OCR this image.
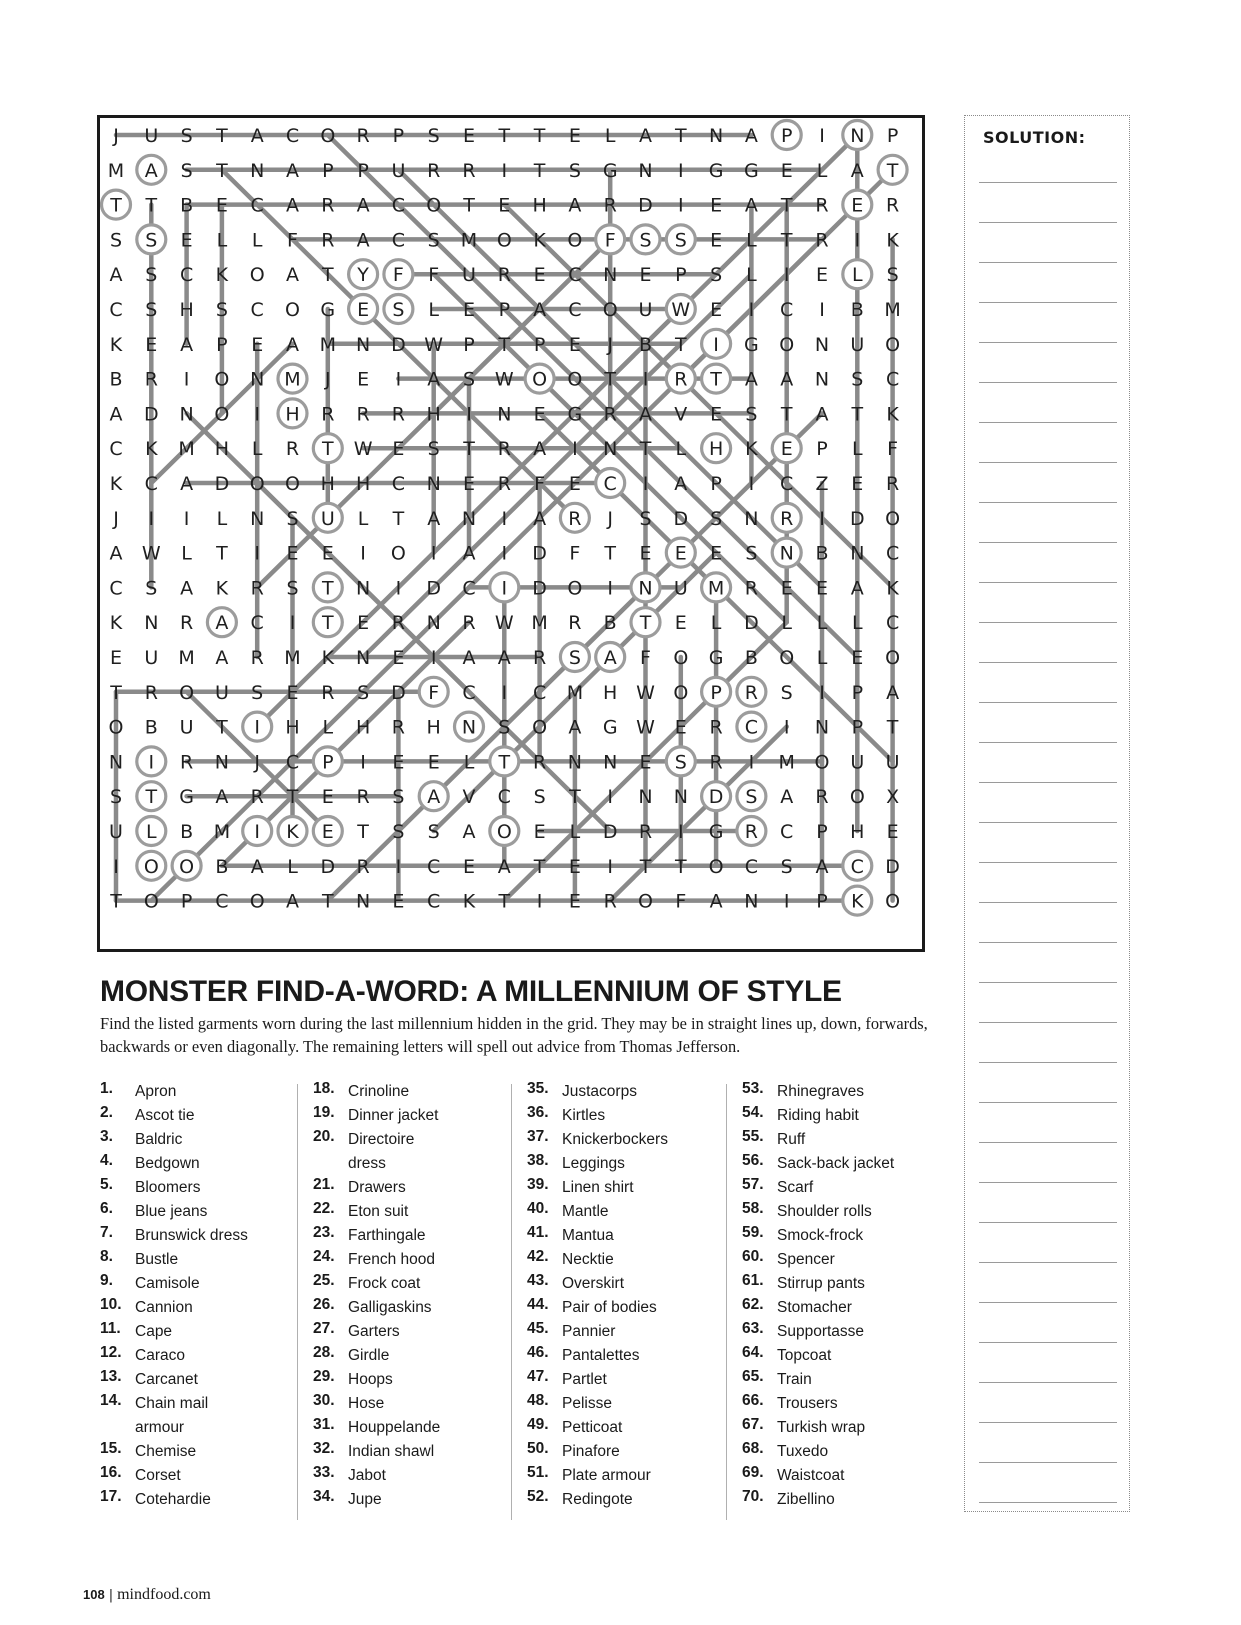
J U S T A C O R P S E T T E L A T N A P I N P
M A S T N A P P U R R I T S G N I G G E L A T
T T B E C A R A C O T E H A R D I E A T R E R
S S E L L F R A C S M O K O F S S E L T R I K
A S C K O A T Y F F U R E C N E P S L I E L S
C S H S C O G E S L E P A C O U W E I C I B M
K E A P E A M N D W P T P E J B T I G O N U O
B R I O N M J E I A S W O O T I R T A A N S C
A D N O I H R R R H I N E G R A V E S T A T K
C K M H L R T W E S T R A I N T L H K E P L F
K C A D O O H H C N E R F E C I A P I C Z E R
J I I L N S U L T A N I A R J S D S N R I D O
A W L T I E E I O I A I D F T E E E S N B N C
C S A K R S T N I D C I D O I N U M R E E A K
K N R A C I T E R N R W M R B T E L D L L L C
E U M A R M K N E I A A R S A F O G B O L E O
T R O U S E R S D F C I C M H W O P R S I P A
O B U T I H L H R H N S O A G W E R C I N P T
N I R N J C P I E E L T R N N E S R I M O U U
S T G A R T E R S A V C S T I N N D S A R O X
U L B M I K E T S S A O E L D R I G R C P H E
I O O B A L D R I C E A T E I T T O C S A C D
T O P C O A T N E C K T I E R O F A N I P K O
SOLUTION:
MONSTER FIND-A-WORD: A MILLENNIUM OF STYLE

Find the listed garments worn during the last millennium hidden in the grid. They may be in straight lines up, down, forwards, backwards or even diagonally. The remaining letters will spell out advice from Thomas Jefferson.

1.	Apron
2.	Ascot tie
3.	Baldric
4.	Bedgown
5.	Bloomers
6.	Blue jeans
7.	Brunswick dress
8.	Bustle
9.	Camisole
10. Cannion
11. Cape
12. Caraco
13. Carcanet
14. Chain mail armour
15. Chemise
16. Corset
17. Cotehardie
18. Crinoline
19. Dinner jacket
20. Directoire dress
21. Drawers
22. Eton suit
23. Farthingale
24. French hood
25. Frock coat
26. Galligaskins
27. Garters
28. Girdle
29. Hoops
30. Hose
31. Houppelande
32. Indian shawl
33. Jabot
34. Jupe
35. Justacorps
36. Kirtles
37. Knickerbockers
38. Leggings
39. Linen shirt
40. Mantle
41. Mantua
42. Necktie
43. Overskirt
44. Pair of bodies
45. Pannier
46. Pantalettes
47. Partlet
48. Pelisse
49. Petticoat
50. Pinafore
51. Plate armour
52. Redingote
53. Rhinegraves
54. Riding habit
55. Ruff
56. Sack-back jacket
57. Scarf
58. Shoulder rolls
59. Smock-frock
60. Spencer
61. Stirrup pants
62. Stomacher
63. Supportasse
64. Topcoat
65. Train
66. Trousers
67. Turkish wrap
68. Tuxedo
69. Waistcoat
70. Zibellino
108 | mindfood.com
